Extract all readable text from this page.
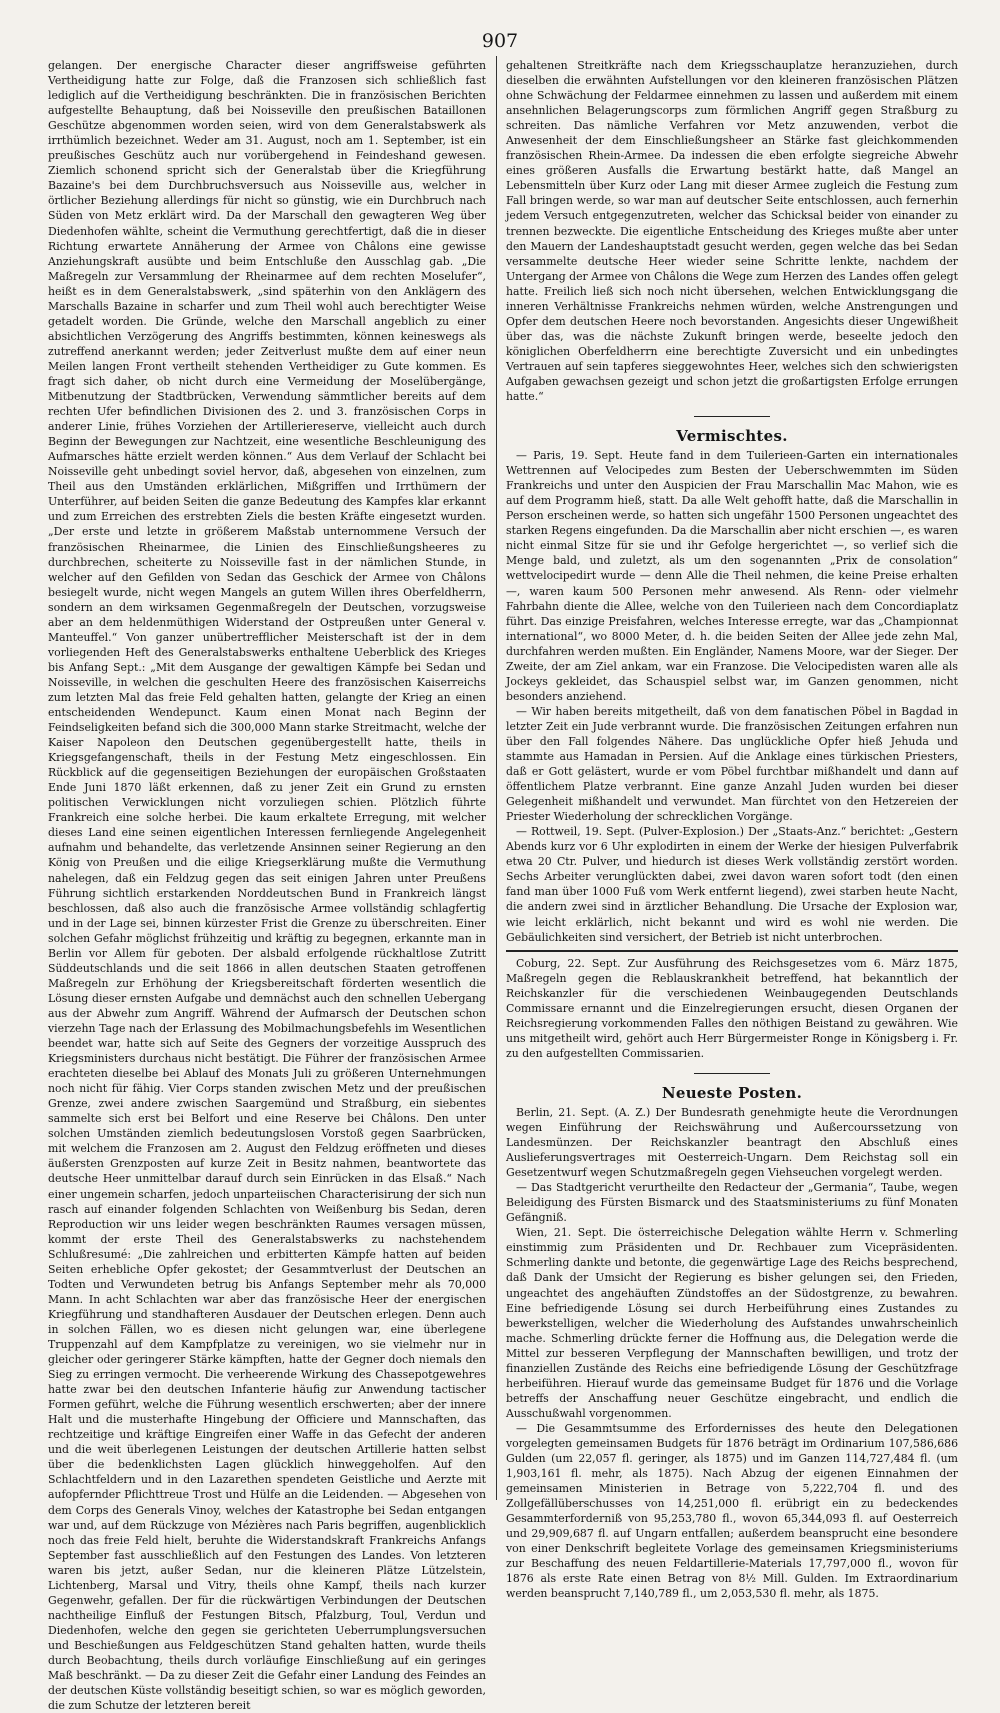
907

gelangen. Der energische Character dieser angriffsweise geführten Vertheidigung hatte zur Folge, daß die Franzosen sich schließlich fast lediglich auf die Vertheidigung beschränkten. Die in französischen Berichten aufgestellte Behauptung, daß bei Noisseville den preußischen Bataillonen Geschütze abgenommen worden seien, wird von dem Generalstabswerk als irrthümlich bezeichnet. Weder am 31. August, noch am 1. September, ist ein preußisches Geschütz auch nur vorübergehend in Feindeshand gewesen. Ziemlich schonend spricht sich der Generalstab über die Kriegführung Bazaine's bei dem Durchbruchsversuch aus Noisseville aus, welcher in örtlicher Beziehung allerdings für nicht so günstig, wie ein Durchbruch nach Süden von Metz erklärt wird. Da der Marschall den gewagteren Weg über Diedenhofen wählte, scheint die Vermuthung gerechtfertigt, daß die in dieser Richtung erwartete Annäherung der Armee von Châlons eine gewisse Anziehungskraft ausübte und beim Entschluße den Ausschlag gab. „Die Maßregeln zur Versammlung der Rheinarmee auf dem rechten Moselufer“, heißt es in dem Generalstabswerk, „sind späterhin von den Anklägern des Marschalls Bazaine in scharfer und zum Theil wohl auch berechtigter Weise getadelt worden. Die Gründe, welche den Marschall angeblich zu einer absichtlichen Verzögerung des Angriffs bestimmten, können keineswegs als zutreffend anerkannt werden; jeder Zeitverlust mußte dem auf einer neun Meilen langen Front vertheilt stehenden Vertheidiger zu Gute kommen. Es fragt sich daher, ob nicht durch eine Vermeidung der Moselübergänge, Mitbenutzung der Stadtbrücken, Verwendung sämmtlicher bereits auf dem rechten Ufer befindlichen Divisionen des 2. und 3. französischen Corps in anderer Linie, frühes Vorziehen der Artilleriereserve, vielleicht auch durch Beginn der Bewegungen zur Nachtzeit, eine wesentliche Beschleunigung des Aufmarsches hätte erzielt werden können.“ Aus dem Verlauf der Schlacht bei Noisseville geht unbedingt soviel hervor, daß, abgesehen von einzelnen, zum Theil aus den Umständen erklärlichen, Mißgriffen und Irrthümern der Unterführer, auf beiden Seiten die ganze Bedeutung des Kampfes klar erkannt und zum Erreichen des erstrebten Ziels die besten Kräfte eingesetzt wurden. „Der erste und letzte in größerem Maßstab unternommene Versuch der französischen Rheinarmee, die Linien des Einschließungsheeres zu durchbrechen, scheiterte zu Noisseville fast in der nämlichen Stunde, in welcher auf den Gefilden von Sedan das Geschick der Armee von Châlons besiegelt wurde, nicht wegen Mangels an gutem Willen ihres Oberfeldherrn, sondern an dem wirksamen Gegenmaßregeln der Deutschen, vorzugsweise aber an dem heldenmüthigen Widerstand der Ostpreußen unter General v. Manteuffel.“ Von ganzer unübertrefflicher Meisterschaft ist der in dem vorliegenden Heft des Generalstabswerks enthaltene Ueberblick des Krieges bis Anfang Sept.: „Mit dem Ausgange der gewaltigen Kämpfe bei Sedan und Noisseville, in welchen die geschulten Heere des französischen Kaiserreichs zum letzten Mal das freie Feld gehalten hatten, gelangte der Krieg an einen entscheidenden Wendepunct. Kaum einen Monat nach Beginn der Feindseligkeiten befand sich die 300,000 Mann starke Streitmacht, welche der Kaiser Napoleon den Deutschen gegenübergestellt hatte, theils in Kriegsgefangenschaft, theils in der Festung Metz eingeschlossen. Ein Rückblick auf die gegenseitigen Beziehungen der europäischen Großstaaten Ende Juni 1870 läßt erkennen, daß zu jener Zeit ein Grund zu ernsten politischen Verwicklungen nicht vorzuliegen schien. Plötzlich führte Frankreich eine solche herbei. Die kaum erkaltete Erregung, mit welcher dieses Land eine seinen eigentlichen Interessen fernliegende Angelegenheit aufnahm und behandelte, das verletzende Ansinnen seiner Regierung an den König von Preußen und die eilige Kriegserklärung mußte die Vermuthung nahelegen, daß ein Feldzug gegen das seit einigen Jahren unter Preußens Führung sichtlich erstarkenden Norddeutschen Bund in Frankreich längst beschlossen, daß also auch die französische Armee vollständig schlagfertig und in der Lage sei, binnen kürzester Frist die Grenze zu überschreiten. Einer solchen Gefahr möglichst frühzeitig und kräftig zu begegnen, erkannte man in Berlin vor Allem für geboten. Der alsbald erfolgende rückhaltlose Zutritt Süddeutschlands und die seit 1866 in allen deutschen Staaten getroffenen Maßregeln zur Erhöhung der Kriegsbereitschaft förderten wesentlich die Lösung dieser ernsten Aufgabe und demnächst auch den schnellen Uebergang aus der Abwehr zum Angriff. Während der Aufmarsch der Deutschen schon vierzehn Tage nach der Erlassung des Mobilmachungsbefehls im Wesentlichen beendet war, hatte sich auf Seite des Gegners der vorzeitige Ausspruch des Kriegsministers durchaus nicht bestätigt. Die Führer der französischen Armee erachteten dieselbe bei Ablauf des Monats Juli zu größeren Unternehmungen noch nicht für fähig. Vier Corps standen zwischen Metz und der preußischen Grenze, zwei andere zwischen Saargemünd und Straßburg, ein siebentes sammelte sich erst bei Belfort und eine Reserve bei Châlons. Den unter solchen Umständen ziemlich bedeutungslosen Vorstoß gegen Saarbrücken, mit welchem die Franzosen am 2. August den Feldzug eröffneten und dieses äußersten Grenzposten auf kurze Zeit in Besitz nahmen, beantwortete das deutsche Heer unmittelbar darauf durch sein Einrücken in das Elsaß.“ Nach einer ungemein scharfen, jedoch unparteiischen Characterisirung der sich nun rasch auf einander folgenden Schlachten von Weißenburg bis Sedan, deren Reproduction wir uns leider wegen beschränkten Raumes versagen müssen, kommt der erste Theil des Generalstabswerks zu nachstehendem Schlußresumé: „Die zahlreichen und erbitterten Kämpfe hatten auf beiden Seiten erhebliche Opfer gekostet; der Gesammtverlust der Deutschen an Todten und Verwundeten betrug bis Anfangs September mehr als 70,000 Mann. In acht Schlachten war aber das französische Heer der energischen Kriegführung und standhafteren Ausdauer der Deutschen erlegen. Denn auch in solchen Fällen, wo es diesen nicht gelungen war, eine überlegene Truppenzahl auf dem Kampfplatze zu vereinigen, wo sie vielmehr nur in gleicher oder geringerer Stärke kämpften, hatte der Gegner doch niemals den Sieg zu erringen vermocht. Die verheerende Wirkung des Chassepotgewehres hatte zwar bei den deutschen Infanterie häufig zur Anwendung tactischer Formen geführt, welche die Führung wesentlich erschwerten; aber der innere Halt und die musterhafte Hingebung der Officiere und Mannschaften, das rechtzeitige und kräftige Eingreifen einer Waffe in das Gefecht der anderen und die weit überlegenen Leistungen der deutschen Artillerie hatten selbst über die bedenklichsten Lagen glücklich hinweggeholfen. Auf den Schlachtfeldern und in den Lazarethen spendeten Geistliche und Aerzte mit aufopfernder Pflichttreue Trost und Hülfe an die Leidenden. — Abgesehen von dem Corps des Generals Vinoy, welches der Katastrophe bei Sedan entgangen war und, auf dem Rückzuge von Mézières nach Paris begriffen, augenblicklich noch das freie Feld hielt, beruhte die Widerstandskraft Frankreichs Anfangs September fast ausschließlich auf den Festungen des Landes. Von letzteren waren bis jetzt, außer Sedan, nur die kleineren Plätze Lützelstein, Lichtenberg, Marsal und Vitry, theils ohne Kampf, theils nach kurzer Gegenwehr, gefallen. Der für die rückwärtigen Verbindungen der Deutschen nachtheilige Einfluß der Festungen Bitsch, Pfalzburg, Toul, Verdun und Diedenhofen, welche den gegen sie gerichteten Ueberrumplungsversuchen und Beschießungen aus Feldgeschützen Stand gehalten hatten, wurde theils durch Beobachtung, theils durch vorläufige Einschließung auf ein geringes Maß beschränkt. — Da zu dieser Zeit die Gefahr einer Landung des Feindes an der deutschen Küste vollständig beseitigt schien, so war es möglich geworden, die zum Schutze der letzteren bereit

gehaltenen Streitkräfte nach dem Kriegsschauplatze heranzuziehen, durch dieselben die erwähnten Aufstellungen vor den kleineren französischen Plätzen ohne Schwächung der Feldarmee einnehmen zu lassen und außerdem mit einem ansehnlichen Belagerungscorps zum förmlichen Angriff gegen Straßburg zu schreiten. Das nämliche Verfahren vor Metz anzuwenden, verbot die Anwesenheit der dem Einschließungsheer an Stärke fast gleichkommenden französischen Rhein-Armee. Da indessen die eben erfolgte siegreiche Abwehr eines größeren Ausfalls die Erwartung bestärkt hatte, daß Mangel an Lebensmitteln über Kurz oder Lang mit dieser Armee zugleich die Festung zum Fall bringen werde, so war man auf deutscher Seite entschlossen, auch fernerhin jedem Versuch entgegenzutreten, welcher das Schicksal beider von einander zu trennen bezweckte. Die eigentliche Entscheidung des Krieges mußte aber unter den Mauern der Landeshauptstadt gesucht werden, gegen welche das bei Sedan versammelte deutsche Heer wieder seine Schritte lenkte, nachdem der Untergang der Armee von Châlons die Wege zum Herzen des Landes offen gelegt hatte. Freilich ließ sich noch nicht übersehen, welchen Entwicklungsgang die inneren Verhältnisse Frankreichs nehmen würden, welche Anstrengungen und Opfer dem deutschen Heere noch bevorstanden. Angesichts dieser Ungewißheit über das, was die nächste Zukunft bringen werde, beseelte jedoch den königlichen Oberfeldherrn eine berechtigte Zuversicht und ein unbedingtes Vertrauen auf sein tapferes sieggewohntes Heer, welches sich den schwierigsten Aufgaben gewachsen gezeigt und schon jetzt die großartigsten Erfolge errungen hatte.“

Vermischtes.

— Paris, 19. Sept. Heute fand in dem Tuilerieen-Garten ein internationales Wettrennen auf Velocipedes zum Besten der Ueberschwemmten im Süden Frankreichs und unter den Auspicien der Frau Marschallin Mac Mahon, wie es auf dem Programm hieß, statt. Da alle Welt gehofft hatte, daß die Marschallin in Person erscheinen werde, so hatten sich ungefähr 1500 Personen ungeachtet des starken Regens eingefunden. Da die Marschallin aber nicht erschien —, es waren nicht einmal Sitze für sie und ihr Gefolge hergerichtet —, so verlief sich die Menge bald, und zuletzt, als um den sogenannten „Prix de consolation“ wettvelocipedirt wurde — denn Alle die Theil nehmen, die keine Preise erhalten —, waren kaum 500 Personen mehr anwesend. Als Renn- oder vielmehr Fahrbahn diente die Allee, welche von den Tuilerieen nach dem Concordiaplatz führt. Das einzige Preisfahren, welches Interesse erregte, war das „Championnat international“, wo 8000 Meter, d. h. die beiden Seiten der Allee jede zehn Mal, durchfahren werden mußten. Ein Engländer, Namens Moore, war der Sieger. Der Zweite, der am Ziel ankam, war ein Franzose. Die Velocipedisten waren alle als Jockeys gekleidet, das Schauspiel selbst war, im Ganzen genommen, nicht besonders anziehend.

— Wir haben bereits mitgetheilt, daß von dem fanatischen Pöbel in Bagdad in letzter Zeit ein Jude verbrannt wurde. Die französischen Zeitungen erfahren nun über den Fall folgendes Nähere. Das unglückliche Opfer hieß Jehuda und stammte aus Hamadan in Persien. Auf die Anklage eines türkischen Priesters, daß er Gott gelästert, wurde er vom Pöbel furchtbar mißhandelt und dann auf öffentlichem Platze verbrannt. Eine ganze Anzahl Juden wurden bei dieser Gelegenheit mißhandelt und verwundet. Man fürchtet von den Hetzereien der Priester Wiederholung der schrecklichen Vorgänge.

— Rottweil, 19. Sept. (Pulver-Explosion.) Der „Staats-Anz.“ berichtet: „Gestern Abends kurz vor 6 Uhr explodirten in einem der Werke der hiesigen Pulverfabrik etwa 20 Ctr. Pulver, und hiedurch ist dieses Werk vollständig zerstört worden. Sechs Arbeiter verunglückten dabei, zwei davon waren sofort todt (den einen fand man über 1000 Fuß vom Werk entfernt liegend), zwei starben heute Nacht, die andern zwei sind in ärztlicher Behandlung. Die Ursache der Explosion war, wie leicht erklärlich, nicht bekannt und wird es wohl nie werden. Die Gebäulichkeiten sind versichert, der Betrieb ist nicht unterbrochen.

Coburg, 22. Sept. Zur Ausführung des Reichsgesetzes vom 6. März 1875, Maßregeln gegen die Reblauskrankheit betreffend, hat bekanntlich der Reichskanzler für die verschiedenen Weinbaugegenden Deutschlands Commissare ernannt und die Einzelregierungen ersucht, diesen Organen der Reichsregierung vorkommenden Falles den nöthigen Beistand zu gewähren. Wie uns mitgetheilt wird, gehört auch Herr Bürgermeister Ronge in Königsberg i. Fr. zu den aufgestellten Commissarien.

Neueste Posten.

Berlin, 21. Sept. (A. Z.) Der Bundesrath genehmigte heute die Verordnungen wegen Einführung der Reichswährung und Außercourssetzung von Landesmünzen. Der Reichskanzler beantragt den Abschluß eines Auslieferungsvertrages mit Oesterreich-Ungarn. Dem Reichstag soll ein Gesetzentwurf wegen Schutzmaßregeln gegen Viehseuchen vorgelegt werden.

— Das Stadtgericht verurtheilte den Redacteur der „Germania“, Taube, wegen Beleidigung des Fürsten Bismarck und des Staatsministeriums zu fünf Monaten Gefängniß.

Wien, 21. Sept. Die österreichische Delegation wählte Herrn v. Schmerling einstimmig zum Präsidenten und Dr. Rechbauer zum Vicepräsidenten. Schmerling dankte und betonte, die gegenwärtige Lage des Reichs besprechend, daß Dank der Umsicht der Regierung es bisher gelungen sei, den Frieden, ungeachtet des angehäuften Zündstoffes an der Südostgrenze, zu bewahren. Eine befriedigende Lösung sei durch Herbeiführung eines Zustandes zu bewerkstelligen, welcher die Wiederholung des Aufstandes unwahrscheinlich mache. Schmerling drückte ferner die Hoffnung aus, die Delegation werde die Mittel zur besseren Verpflegung der Mannschaften bewilligen, und trotz der finanziellen Zustände des Reichs eine befriedigende Lösung der Geschützfrage herbeiführen. Hierauf wurde das gemeinsame Budget für 1876 und die Vorlage betreffs der Anschaffung neuer Geschütze eingebracht, und endlich die Ausschußwahl vorgenommen.

— Die Gesammtsumme des Erfordernisses des heute den Delegationen vorgelegten gemeinsamen Budgets für 1876 beträgt im Ordinarium 107,586,686 Gulden (um 22,057 fl. geringer, als 1875) und im Ganzen 114,727,484 fl. (um 1,903,161 fl. mehr, als 1875). Nach Abzug der eigenen Einnahmen der gemeinsamen Ministerien in Betrage von 5,222,704 fl. und des Zollgefällüberschusses von 14,251,000 fl. erübrigt ein zu bedeckendes Gesammterforderniß von 95,253,780 fl., wovon 65,344,093 fl. auf Oesterreich und 29,909,687 fl. auf Ungarn entfallen; außerdem beansprucht eine besondere von einer Denkschrift begleitete Vorlage des gemeinsamen Kriegsministeriums zur Beschaffung des neuen Feldartillerie-Materials 17,797,000 fl., wovon für 1876 als erste Rate einen Betrag von 8½ Mill. Gulden. Im Extraordinarium werden beansprucht 7,140,789 fl., um 2,053,530 fl. mehr, als 1875.
